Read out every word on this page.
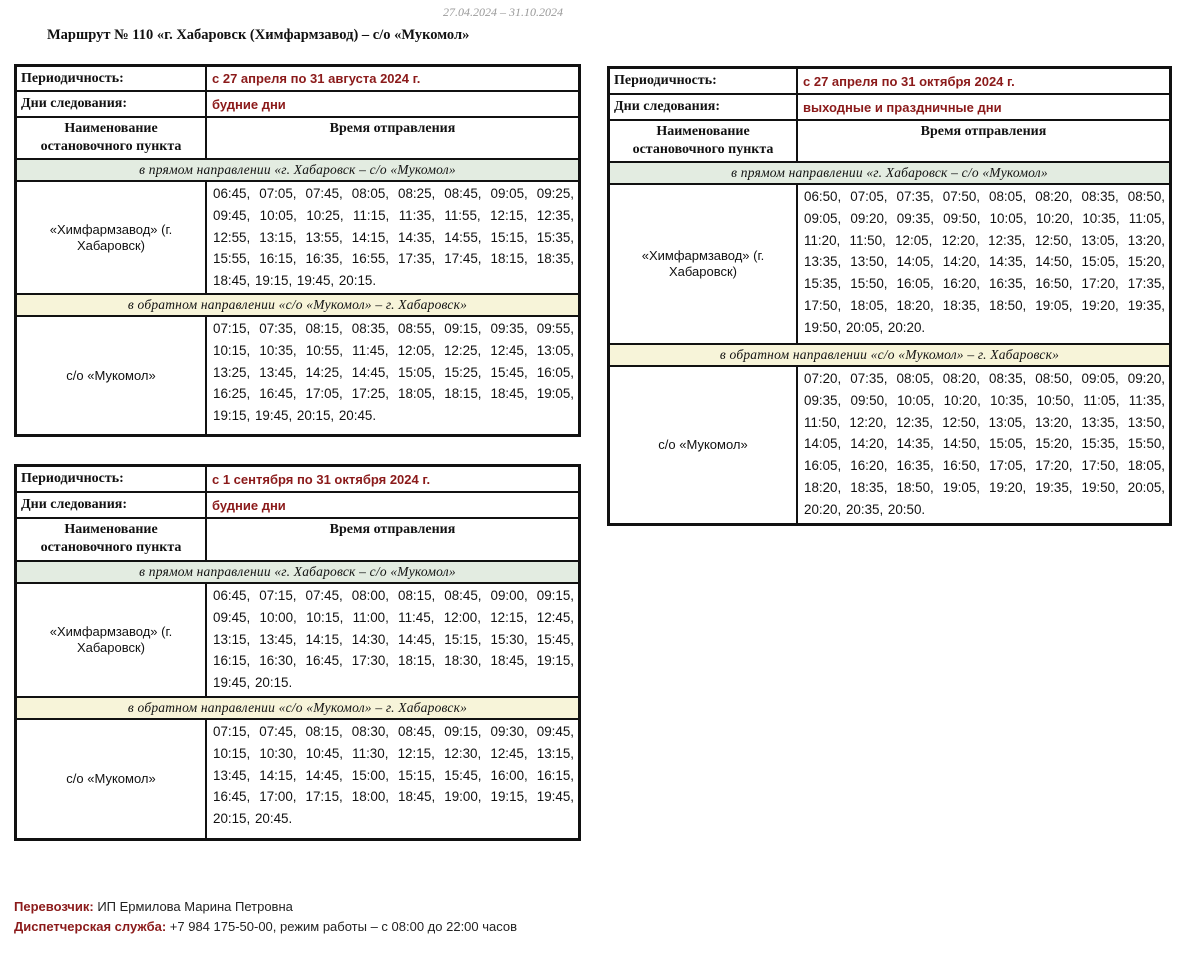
27.04.2024 – 31.10.2024
Маршрут № 110 «г. Хабаровск (Химфармзавод) – с/о «Мукомол»
Периодичность:	с 27 апреля по 31 августа 2024 г.
Дни следования:	будние дни
Наименование остановочного пункта
Время отправления
в прямом направлении «г. Хабаровск – с/о «Мукомол»
«Химфармзавод» (г. Хабаровск)
06:45, 07:05, 07:45, 08:05, 08:25, 08:45, 09:05, 09:25, 09:45, 10:05, 10:25, 11:15, 11:35, 11:55, 12:15, 12:35, 12:55, 13:15, 13:55, 14:15, 14:35, 14:55, 15:15, 15:35, 15:55, 16:15, 16:35, 16:55, 17:35, 17:45, 18:15, 18:35, 18:45, 19:15, 19:45, 20:15.
в обратном направлении «с/о «Мукомол» – г. Хабаровск»
с/о «Мукомол»
07:15, 07:35, 08:15, 08:35, 08:55, 09:15, 09:35, 09:55, 10:15, 10:35, 10:55, 11:45, 12:05, 12:25, 12:45, 13:05, 13:25, 13:45, 14:25, 14:45, 15:05, 15:25, 15:45, 16:05, 16:25, 16:45, 17:05, 17:25, 18:05, 18:15, 18:45, 19:05, 19:15, 19:45, 20:15, 20:45.
Периодичность:	с 1 сентября по 31 октября 2024 г.
Дни следования:	будние дни
Наименование остановочного пункта
Время отправления
в прямом направлении «г. Хабаровск – с/о «Мукомол»
«Химфармзавод» (г. Хабаровск)
06:45, 07:15, 07:45, 08:00, 08:15, 08:45, 09:00, 09:15, 09:45, 10:00, 10:15, 11:00, 11:45, 12:00, 12:15, 12:45, 13:15, 13:45, 14:15, 14:30, 14:45, 15:15, 15:30, 15:45, 16:15, 16:30, 16:45, 17:30, 18:15, 18:30, 18:45, 19:15, 19:45, 20:15.
в обратном направлении «с/о «Мукомол» – г. Хабаровск»
с/о «Мукомол»
07:15, 07:45, 08:15, 08:30, 08:45, 09:15, 09:30, 09:45, 10:15, 10:30, 10:45, 11:30, 12:15, 12:30, 12:45, 13:15, 13:45, 14:15, 14:45, 15:00, 15:15, 15:45, 16:00, 16:15, 16:45, 17:00, 17:15, 18:00, 18:45, 19:00, 19:15, 19:45, 20:15, 20:45.
Периодичность:	с 27 апреля по 31 октября 2024 г.
Дни следования:	выходные и праздничные дни
Наименование остановочного пункта
Время отправления
в прямом направлении «г. Хабаровск – с/о «Мукомол»
«Химфармзавод» (г. Хабаровск)
06:50, 07:05, 07:35, 07:50, 08:05, 08:20, 08:35, 08:50, 09:05, 09:20, 09:35, 09:50, 10:05, 10:20, 10:35, 11:05, 11:20, 11:50, 12:05, 12:20, 12:35, 12:50, 13:05, 13:20, 13:35, 13:50, 14:05, 14:20, 14:35, 14:50, 15:05, 15:20, 15:35, 15:50, 16:05, 16:20, 16:35, 16:50, 17:20, 17:35, 17:50, 18:05, 18:20, 18:35, 18:50, 19:05, 19:20, 19:35, 19:50, 20:05, 20:20.
в обратном направлении «с/о «Мукомол» – г. Хабаровск»
с/о «Мукомол»
07:20, 07:35, 08:05, 08:20, 08:35, 08:50, 09:05, 09:20, 09:35, 09:50, 10:05, 10:20, 10:35, 10:50, 11:05, 11:35, 11:50, 12:20, 12:35, 12:50, 13:05, 13:20, 13:35, 13:50, 14:05, 14:20, 14:35, 14:50, 15:05, 15:20, 15:35, 15:50, 16:05, 16:20, 16:35, 16:50, 17:05, 17:20, 17:50, 18:05, 18:20, 18:35, 18:50, 19:05, 19:20, 19:35, 19:50, 20:05, 20:20, 20:35, 20:50.
Перевозчик: ИП Ермилова Марина Петровна
Диспетчерская служба: +7 984 175-50-00, режим работы – с 08:00 до 22:00 часов
